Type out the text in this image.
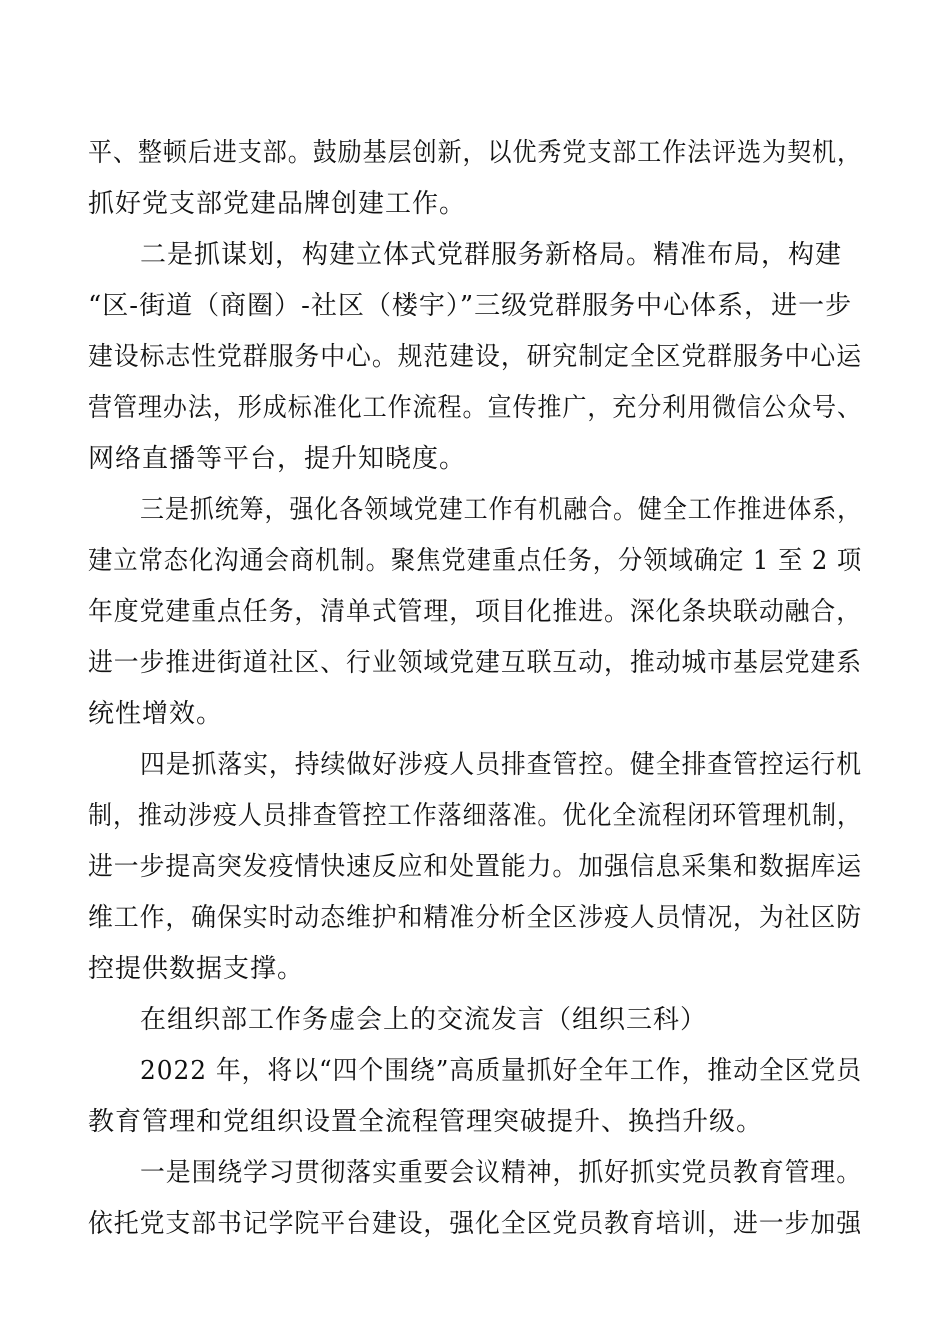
平、整顿后进支部。鼓励基层创新，以优秀党支部工作法评选为契机，
抓好党支部党建品牌创建工作。
二是抓谋划，构建立体式党群服务新格局。精准布局，构建
“区-街道（商圈）-社区（楼宇）”三级党群服务中心体系，进一步
建设标志性党群服务中心。规范建设，研究制定全区党群服务中心运
营管理办法，形成标准化工作流程。宣传推广，充分利用微信公众号、
网络直播等平台，提升知晓度。
三是抓统筹，强化各领域党建工作有机融合。健全工作推进体系，
建立常态化沟通会商机制。聚焦党建重点任务，分领域确定 1 至 2 项
年度党建重点任务，清单式管理，项目化推进。深化条块联动融合，
进一步推进街道社区、行业领域党建互联互动，推动城市基层党建系
统性增效。
四是抓落实，持续做好涉疫人员排查管控。健全排查管控运行机
制，推动涉疫人员排查管控工作落细落准。优化全流程闭环管理机制，
进一步提高突发疫情快速反应和处置能力。加强信息采集和数据库运
维工作，确保实时动态维护和精准分析全区涉疫人员情况，为社区防
控提供数据支撑。
在组织部工作务虚会上的交流发言（组织三科）
2022 年，将以“四个围绕”高质量抓好全年工作，推动全区党员
教育管理和党组织设置全流程管理突破提升、换挡升级。
一是围绕学习贯彻落实重要会议精神，抓好抓实党员教育管理。
依托党支部书记学院平台建设，强化全区党员教育培训，进一步加强
